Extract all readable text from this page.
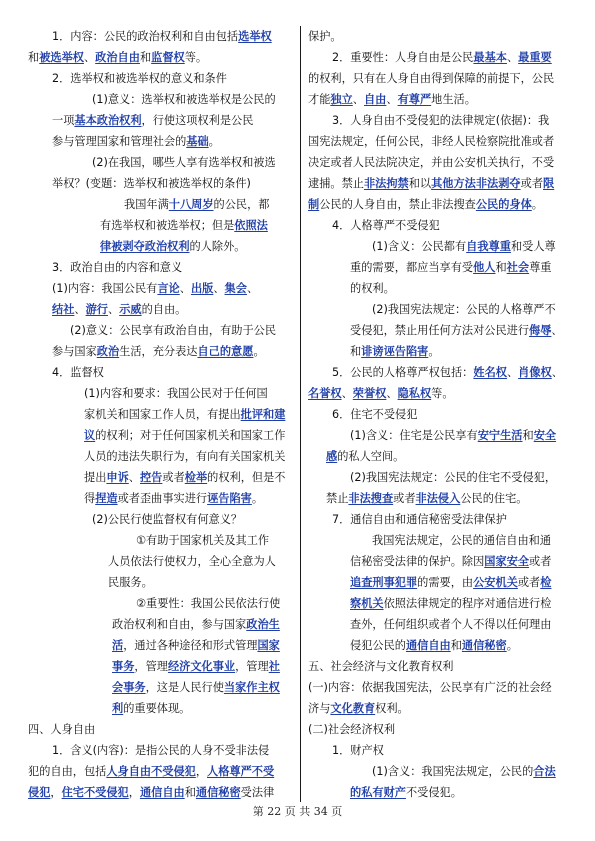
1．内容：公民的政治权利和自由包括选举权

和被选举权、政治自由和监督权等。

2．选举权和被选举权的意义和条件

(1)意义：选举权和被选举权是公民的

一项基本政治权利，行使这项权利是公民

参与管理国家和管理社会的基础。

(2)在我国，哪些人享有选举权和被选

举权？(变题：选举权和被选举权的条件)

我国年满十八周岁的公民，都

有选举权和被选举权；但是依照法

律被剥夺政治权利的人除外。

3．政治自由的内容和意义

(1)内容：我国公民有言论、出版、集会、

结社、游行、示威的自由。

(2)意义：公民享有政治自由，有助于公民

参与国家政治生活，充分表达自己的意愿。

4．监督权

(1)内容和要求：我国公民对于任何国

家机关和国家工作人员，有提出批评和建

议的权利；对于任何国家机关和国家工作

人员的违法失职行为，有向有关国家机关

提出申诉、控告或者检举的权利，但是不

得捏造或者歪曲事实进行诬告陷害。

(2)公民行使监督权有何意义？

①有助于国家机关及其工作

人员依法行使权力，全心全意为人

民服务。

②重要性：我国公民依法行使

政治权利和自由，参与国家政治生

活，通过各种途径和形式管理国家

事务，管理经济文化事业，管理社

会事务，这是人民行使当家作主权

利的重要体现。

四、人身自由

1．含义(内容)：是指公民的人身不受非法侵

犯的自由，包括人身自由不受侵犯，人格尊严不受

侵犯，住宅不受侵犯，通信自由和通信秘密受法律

保护。

2．重要性：人身自由是公民最基本、最重要

的权利，只有在人身自由得到保障的前提下，公民

才能独立、自由、有尊严地生活。

3．人身自由不受侵犯的法律规定(依据)：我

国宪法规定，任何公民，非经人民检察院批准或者

决定或者人民法院决定，并由公安机关执行，不受

逮捕。禁止非法拘禁和以其他方法非法剥夺或者限

制公民的人身自由，禁止非法搜查公民的身体。

4．人格尊严不受侵犯

(1)含义：公民都有自我尊重和受人尊

重的需要，都应当享有受他人和社会尊重

的权利。

(2)我国宪法规定：公民的人格尊严不

受侵犯，禁止用任何方法对公民进行侮辱、

和诽谤诬告陷害。

5．公民的人格尊严权包括：姓名权、肖像权、

名誉权、荣誉权、隐私权等。

6．住宅不受侵犯

(1)含义：住宅是公民享有安宁生活和安全

感的私人空间。

(2)我国宪法规定：公民的住宅不受侵犯，

禁止非法搜查或者非法侵入公民的住宅。

7．通信自由和通信秘密受法律保护

我国宪法规定，公民的通信自由和通

信秘密受法律的保护。除因国家安全或者

追查刑事犯罪的需要，由公安机关或者检

察机关依照法律规定的程序对通信进行检

查外，任何组织或者个人不得以任何理由

侵犯公民的通信自由和通信秘密。

五、社会经济与文化教育权利

(一)内容：依据我国宪法，公民享有广泛的社会经

济与文化教育权利。

(二)社会经济权利

1．财产权

(1)含义：我国宪法规定，公民的合法

的私有财产不受侵犯。

第 22 页 共 34 页
